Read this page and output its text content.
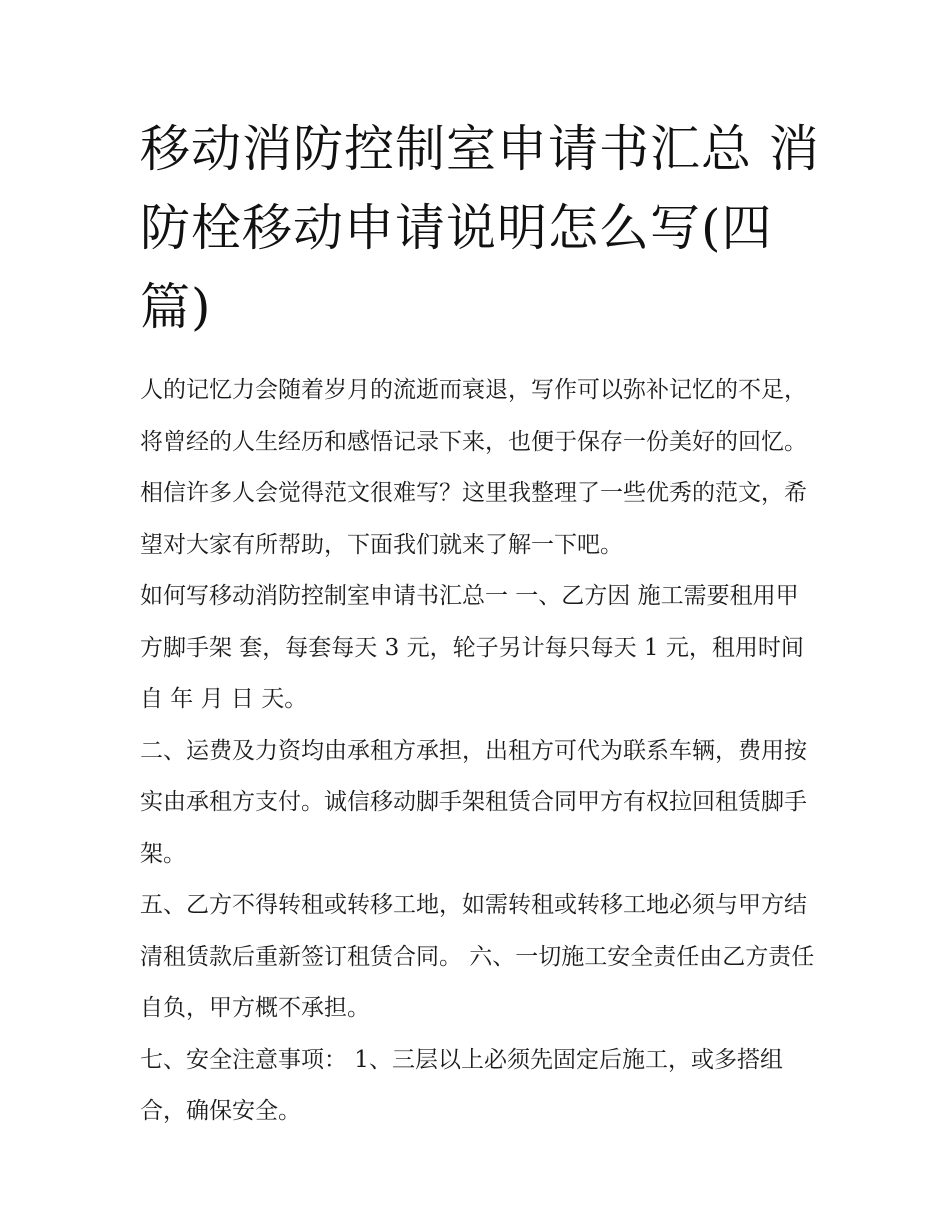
移动消防控制室申请书汇总 消防栓移动申请说明怎么写(四篇)

人的记忆力会随着岁月的流逝而衰退，写作可以弥补记忆的不足，将曾经的人生经历和感悟记录下来，也便于保存一份美好的回忆。相信许多人会觉得范文很难写？这里我整理了一些优秀的范文，希望对大家有所帮助，下面我们就来了解一下吧。

如何写移动消防控制室申请书汇总一 一、乙方因 施工需要租用甲方脚手架 套，每套每天 3 元，轮子另计每只每天 1 元，租用时间自 年 月 日 天。

二、运费及力资均由承租方承担，出租方可代为联系车辆，费用按实由承租方支付。诚信移动脚手架租赁合同甲方有权拉回租赁脚手架。

五、乙方不得转租或转移工地，如需转租或转移工地必须与甲方结清租赁款后重新签订租赁合同。 六、一切施工安全责任由乙方责任自负，甲方概不承担。

七、安全注意事项： 1、三层以上必须先固定后施工，或多搭组合，确保安全。
